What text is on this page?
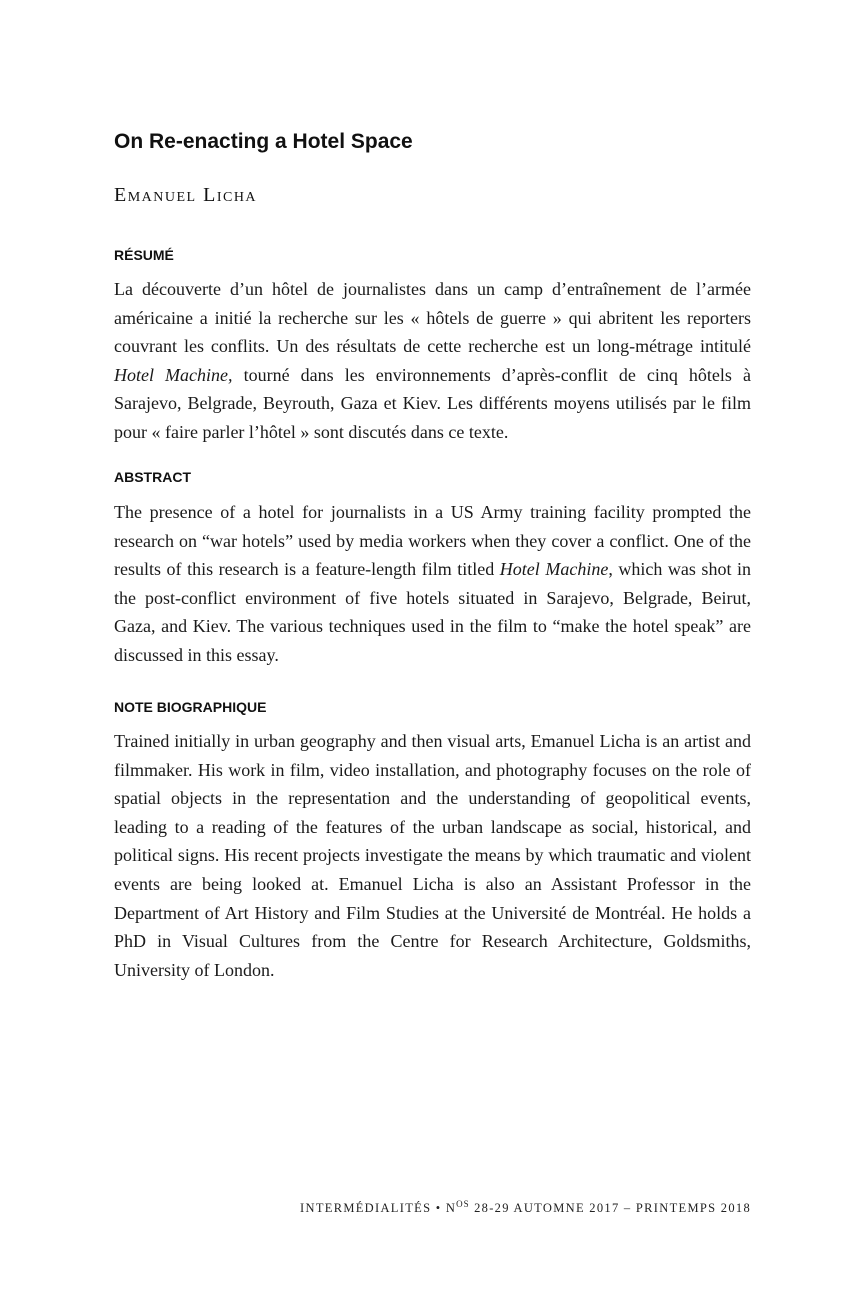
On Re-enacting a Hotel Space
Emanuel Licha
RÉSUMÉ

La découverte d’un hôtel de journalistes dans un camp d’entraînement de l’armée américaine a initié la recherche sur les « hôtels de guerre » qui abritent les reporters couvrant les conflits. Un des résultats de cette recherche est un long-métrage intitulé Hotel Machine, tourné dans les environnements d’après-conflit de cinq hôtels à Sarajevo, Belgrade, Beyrouth, Gaza et Kiev. Les différents moyens utilisés par le film pour « faire parler l’hôtel » sont discutés dans ce texte.

ABSTRACT

The presence of a hotel for journalists in a US Army training facility prompted the research on “war hotels” used by media workers when they cover a conflict. One of the results of this research is a feature-length film titled Hotel Machine, which was shot in the post-conflict environment of five hotels situated in Sarajevo, Belgrade, Beirut, Gaza, and Kiev. The various techniques used in the film to “make the hotel speak” are discussed in this essay.

NOTE BIOGRAPHIQUE

Trained initially in urban geography and then visual arts, Emanuel Licha is an artist and filmmaker. His work in film, video installation, and photography focuses on the role of spatial objects in the representation and the understanding of geopolitical events, leading to a reading of the features of the urban landscape as social, historical, and political signs. His recent projects investigate the means by which traumatic and violent events are being looked at. Emanuel Licha is also an Assistant Professor in the Department of Art History and Film Studies at the Université de Montréal. He holds a PhD in Visual Cultures from the Centre for Research Architecture, Goldsmiths, University of London.

INTERMÉDIALITÉS • $N^{OS}$ 28-29 AUTOMNE 2017 – PRINTEMPS 2018
